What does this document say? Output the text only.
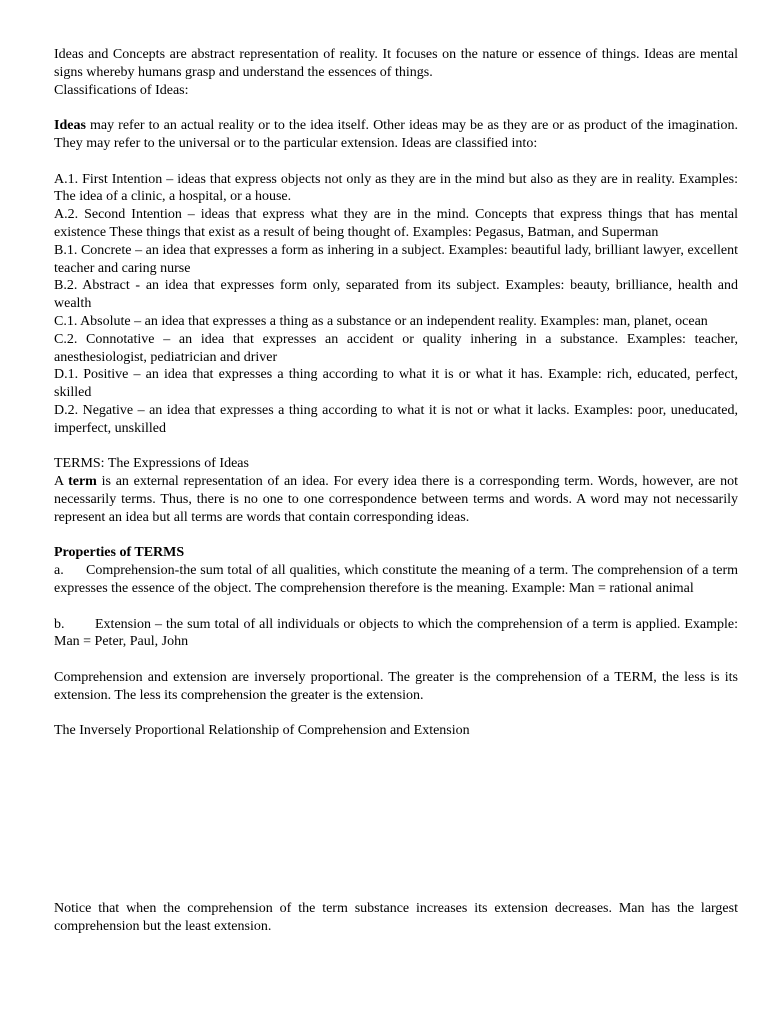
Ideas and Concepts are abstract representation of reality. It focuses on the nature or essence of things. Ideas are mental signs whereby humans grasp and understand the essences of things.

Classifications of Ideas:

Ideas may refer to an actual reality or to the idea itself. Other ideas may be as they are or as product of the imagination. They may refer to the universal or to the particular extension. Ideas are classified into:

A.1. First Intention – ideas that express objects not only as they are in the mind but also as they are in reality. Examples: The idea of a clinic, a hospital, or a house.

A.2. Second Intention – ideas that express what they are in the mind. Concepts that express things that has mental existence These things that exist as a result of being thought of. Examples: Pegasus, Batman, and Superman

B.1. Concrete – an idea that expresses a form as inhering in a subject. Examples: beautiful lady, brilliant lawyer, excellent teacher and caring nurse

B.2. Abstract - an idea that expresses form only, separated from its subject. Examples: beauty, brilliance, health and wealth

C.1. Absolute – an idea that expresses a thing as a substance or an independent reality. Examples: man, planet, ocean

C.2. Connotative – an idea that expresses an accident or quality inhering in a substance. Examples: teacher, anesthesiologist, pediatrician and driver

D.1. Positive – an idea that expresses a thing according to what it is or what it has. Example: rich, educated, perfect, skilled

D.2. Negative – an idea that expresses a thing according to what it is not or what it lacks. Examples: poor, uneducated, imperfect, unskilled

TERMS: The Expressions of Ideas

A term is an external representation of an idea. For every idea there is a corresponding term. Words, however, are not necessarily terms. Thus, there is no one to one correspondence between terms and words. A word may not necessarily represent an idea but all terms are words that contain corresponding ideas.

Properties of TERMS

a. Comprehension-the sum total of all qualities, which constitute the meaning of a term. The comprehension of a term expresses the essence of the object. The comprehension therefore is the meaning. Example: Man = rational animal

b. Extension – the sum total of all individuals or objects to which the comprehension of a term is applied. Example: Man = Peter, Paul, John

Comprehension and extension are inversely proportional. The greater is the comprehension of a TERM, the less is its extension. The less its comprehension the greater is the extension.

The Inversely Proportional Relationship of Comprehension and Extension

Notice that when the comprehension of the term substance increases its extension decreases. Man has the largest comprehension but the least extension.
